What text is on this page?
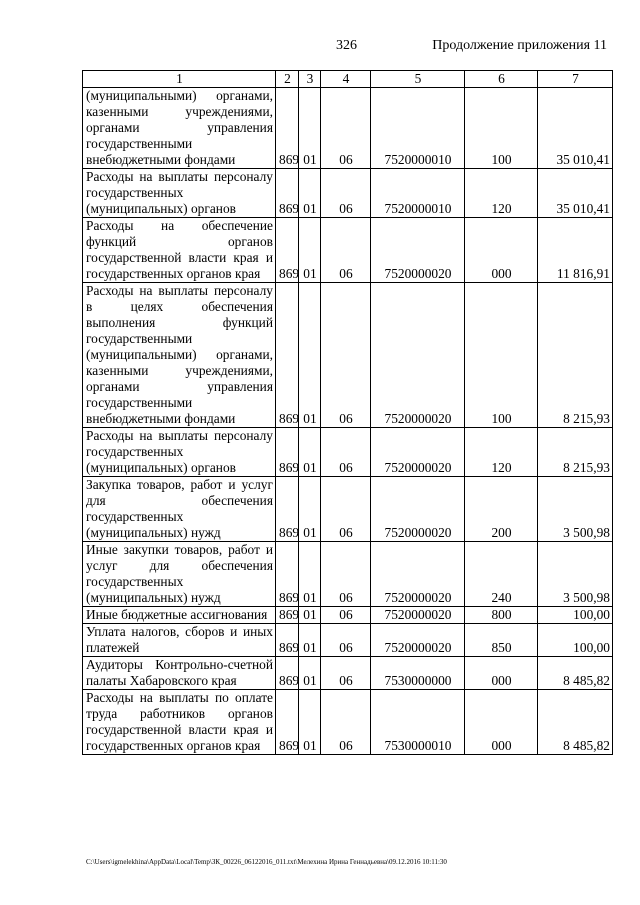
326	Продолжение приложения 11
1	2	3	4	5	6	7
(муниципальными) органами, казенными учреждениями, органами управления государственными внебюджетными фондами	869	01	06	7520000010	100	35 010,41
Расходы на выплаты персоналу государственных (муниципальных) органов	869	01	06	7520000010	120	35 010,41
Расходы на обеспечение функций органов государственной власти края и государственных органов края	869	01	06	7520000020	000	11 816,91
Расходы на выплаты персоналу в целях обеспечения выполнения функций государственными (муниципальными) органами, казенными учреждениями, органами управления государственными внебюджетными фондами	869	01	06	7520000020	100	8 215,93
Расходы на выплаты персоналу государственных (муниципальных) органов	869	01	06	7520000020	120	8 215,93
Закупка товаров, работ и услуг для обеспечения государственных (муниципальных) нужд	869	01	06	7520000020	200	3 500,98
Иные закупки товаров, работ и услуг для обеспечения государственных (муниципальных) нужд	869	01	06	7520000020	240	3 500,98
Иные бюджетные ассигнования	869	01	06	7520000020	800	100,00
Уплата налогов, сборов и иных платежей	869	01	06	7520000020	850	100,00
Аудиторы Контрольно-счетной палаты Хабаровского края	869	01	06	7530000000	000	8 485,82
Расходы на выплаты по оплате труда работников органов государственной власти края и государственных органов края	869	01	06	7530000010	000	8 485,82
C:\Users\igmelekhina\AppData\Local\Temp\ЗК_00226_06122016_011.txt\Мелехина Ирина Геннадьевна\09.12.2016 10:11:30
